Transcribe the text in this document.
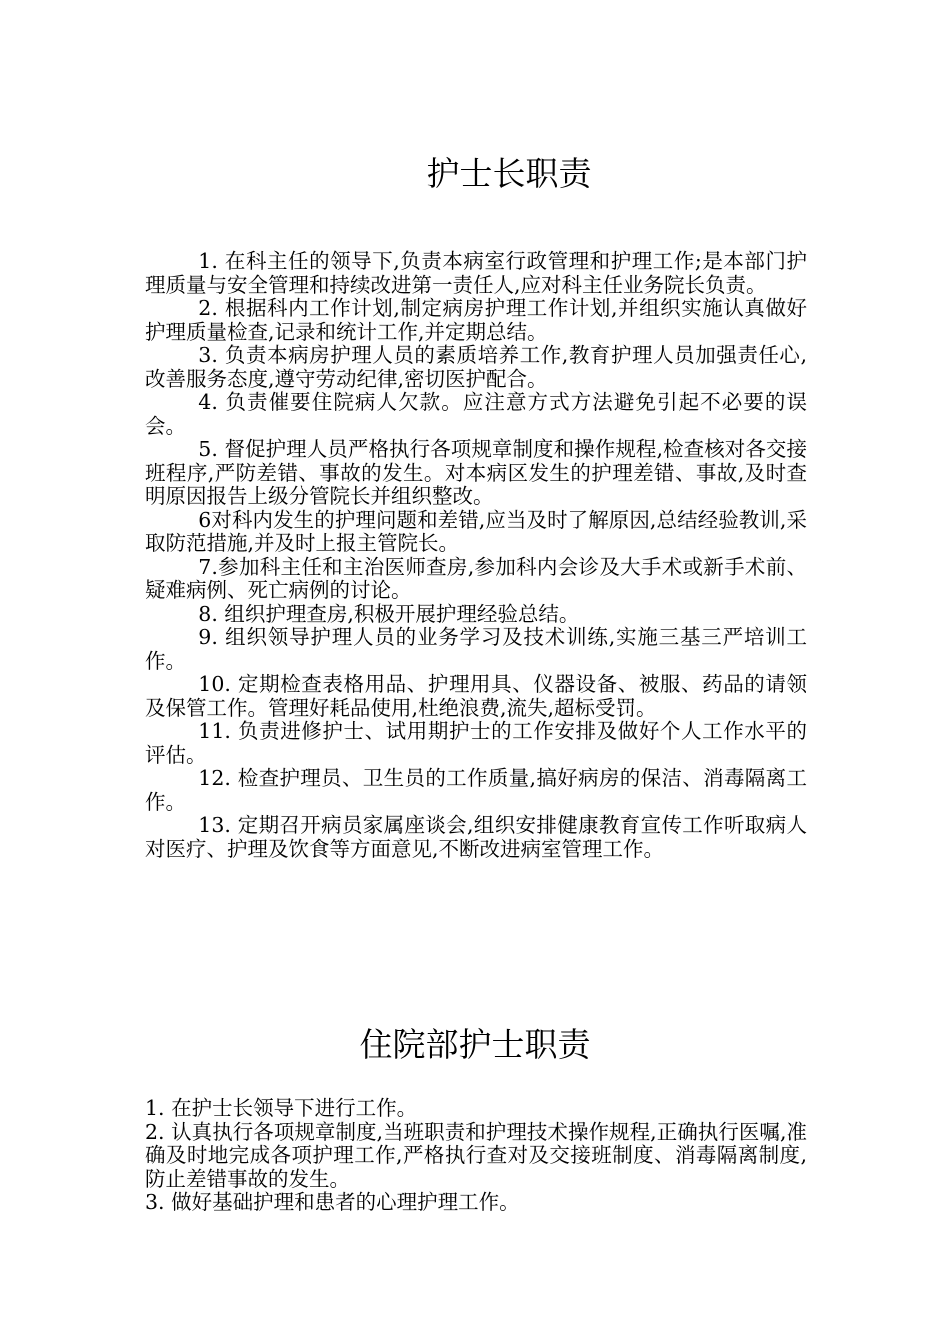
护士长职责

1. 在科主任的领导下,负责本病室行政管理和护理工作;是本部门护理质量与安全管理和持续改进第一责任人,应对科主任业务院长负责。

2. 根据科内工作计划,制定病房护理工作计划,并组织实施认真做好护理质量检查,记录和统计工作,并定期总结。

3. 负责本病房护理人员的素质培养工作,教育护理人员加强责任心,改善服务态度,遵守劳动纪律,密切医护配合。

4. 负责催要住院病人欠款。应注意方式方法避免引起不必要的误会。

5. 督促护理人员严格执行各项规章制度和操作规程,检查核对各交接班程序,严防差错、事故的发生。对本病区发生的护理差错、事故,及时查明原因报告上级分管院长并组织整改。

6对科内发生的护理问题和差错,应当及时了解原因,总结经验教训,采取防范措施,并及时上报主管院长。

7.参加科主任和主治医师查房,参加科内会诊及大手术或新手术前、疑难病例、死亡病例的讨论。

8. 组织护理查房,积极开展护理经验总结。

9. 组织领导护理人员的业务学习及技术训练,实施三基三严培训工作。

10. 定期检查表格用品、护理用具、仪器设备、被服、药品的请领及保管工作。管理好耗品使用,杜绝浪费,流失,超标受罚。

11. 负责进修护士、试用期护士的工作安排及做好个人工作水平的评估。

12. 检查护理员、卫生员的工作质量,搞好病房的保洁、消毒隔离工作。

13. 定期召开病员家属座谈会,组织安排健康教育宣传工作听取病人对医疗、护理及饮食等方面意见,不断改进病室管理工作。

住院部护士职责

1. 在护士长领导下进行工作。

2. 认真执行各项规章制度,当班职责和护理技术操作规程,正确执行医嘱,准确及时地完成各项护理工作,严格执行查对及交接班制度、消毒隔离制度,防止差错事故的发生。

3. 做好基础护理和患者的心理护理工作。
